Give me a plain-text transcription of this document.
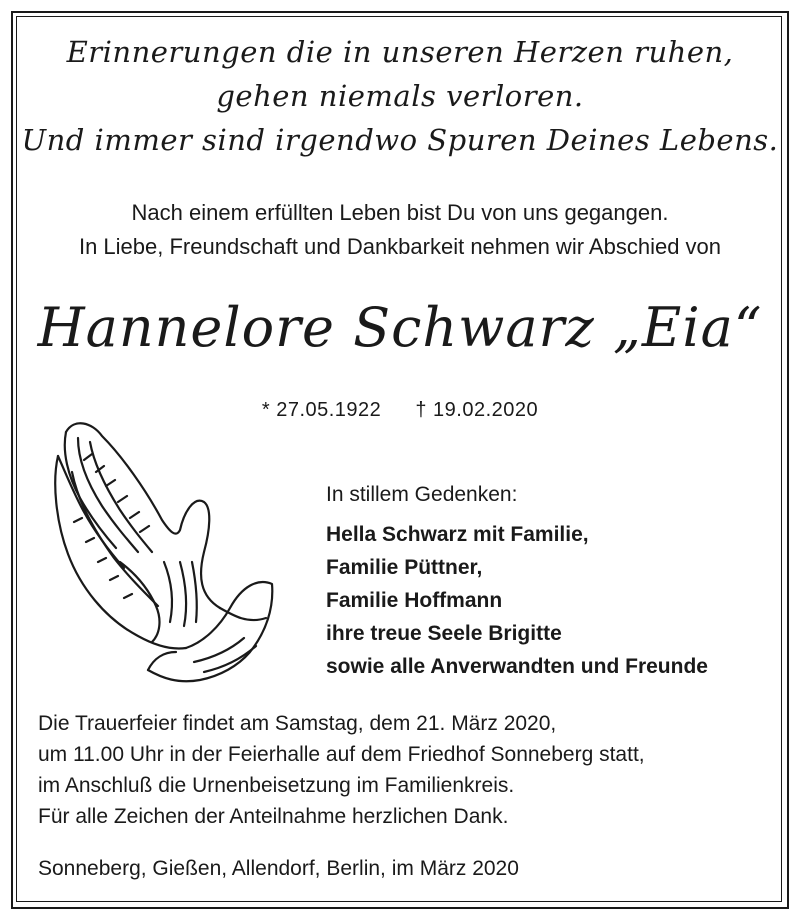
Erinnerungen die in unseren Herzen ruhen,
gehen niemals verloren.
Und immer sind irgendwo Spuren Deines Lebens.
Nach einem erfüllten Leben bist Du von uns gegangen.
In Liebe, Freundschaft und Dankbarkeit nehmen wir Abschied von
Hannelore Schwarz „Eia“
* 27.05.1922 † 19.02.2020
In stillem Gedenken:
Hella Schwarz mit Familie,
Familie Püttner,
Familie Hoffmann
ihre treue Seele Brigitte
sowie alle Anverwandten und Freunde
Die Trauerfeier findet am Samstag, dem 21. März 2020,
um 11.00 Uhr in der Feierhalle auf dem Friedhof Sonneberg statt,
im Anschluß die Urnenbeisetzung im Familienkreis.
Für alle Zeichen der Anteilnahme herzlichen Dank.
Sonneberg, Gießen, Allendorf, Berlin, im März 2020
